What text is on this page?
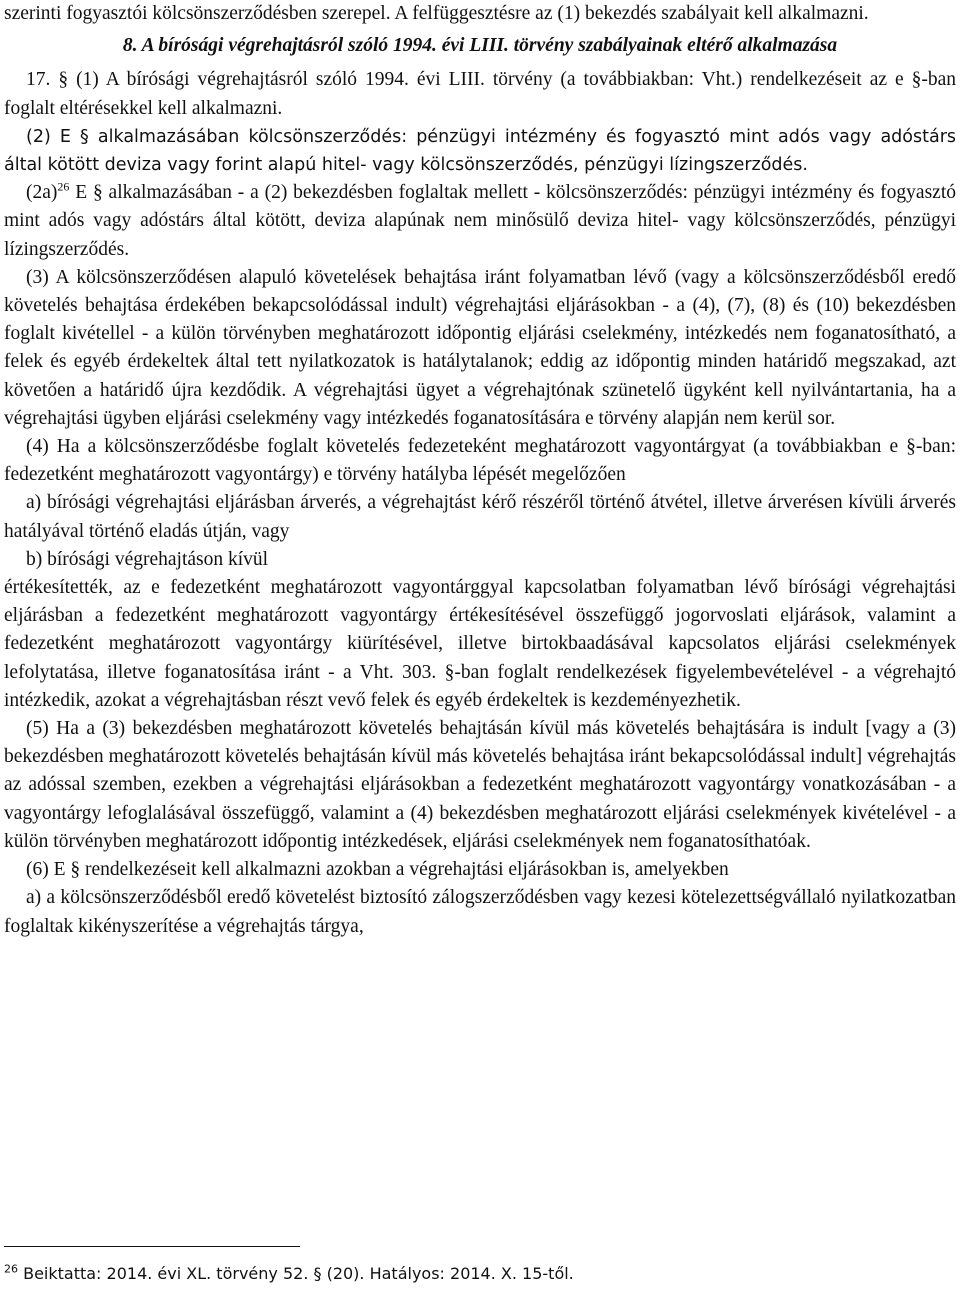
szerinti fogyasztói kölcsönszerződésben szerepel. A felfüggesztésre az (1) bekezdés szabályait kell alkalmazni.

8. A bírósági végrehajtásról szóló 1994. évi LIII. törvény szabályainak eltérő alkalmazása

17. § (1) A bírósági végrehajtásról szóló 1994. évi LIII. törvény (a továbbiakban: Vht.) rendelkezéseit az e §-ban foglalt eltérésekkel kell alkalmazni.

(2) E § alkalmazásában kölcsönszerződés: pénzügyi intézmény és fogyasztó mint adós vagy adóstárs által kötött deviza vagy forint alapú hitel- vagy kölcsönszerződés, pénzügyi lízingszerződés.

$(2a)^{26}$ E § alkalmazásában - a (2) bekezdésben foglaltak mellett - kölcsönszerződés: pénzügyi intézmény és fogyasztó mint adós vagy adóstárs által kötött, deviza alapúnak nem minősülő deviza hitel- vagy kölcsönszerződés, pénzügyi lízingszerződés.

(3) A kölcsönszerződésen alapuló követelések behajtása iránt folyamatban lévő (vagy a kölcsönszerződésből eredő követelés behajtása érdekében bekapcsolódással indult) végrehajtási eljárásokban - a (4), (7), (8) és (10) bekezdésben foglalt kivétellel - a külön törvényben meghatározott időpontig eljárási cselekmény, intézkedés nem foganatosítható, a felek és egyéb érdekeltek által tett nyilatkozatok is hatálytalanok; eddig az időpontig minden határidő megszakad, azt követően a határidő újra kezdődik. A végrehajtási ügyet a végrehajtónak szünetelő ügyként kell nyilvántartania, ha a végrehajtási ügyben eljárási cselekmény vagy intézkedés foganatosítására e törvény alapján nem kerül sor.

(4) Ha a kölcsönszerződésbe foglalt követelés fedezeteként meghatározott vagyontárgyat (a továbbiakban e §-ban: fedezetként meghatározott vagyontárgy) e törvény hatályba lépését megelőzően

a) bírósági végrehajtási eljárásban árverés, a végrehajtást kérő részéről történő átvétel, illetve árverésen kívüli árverés hatályával történő eladás útján, vagy

b) bírósági végrehajtáson kívül

értékesítették, az e fedezetként meghatározott vagyontárggyal kapcsolatban folyamatban lévő bírósági végrehajtási eljárásban a fedezetként meghatározott vagyontárgy értékesítésével összefüggő jogorvoslati eljárások, valamint a fedezetként meghatározott vagyontárgy kiürítésével, illetve birtokbaadásával kapcsolatos eljárási cselekmények lefolytatása, illetve foganatosítása iránt - a Vht. 303. §-ban foglalt rendelkezések figyelembevételével - a végrehajtó intézkedik, azokat a végrehajtásban részt vevő felek és egyéb érdekeltek is kezdeményezhetik.

(5) Ha a (3) bekezdésben meghatározott követelés behajtásán kívül más követelés behajtására is indult [vagy a (3) bekezdésben meghatározott követelés behajtásán kívül más követelés behajtása iránt bekapcsolódással indult] végrehajtás az adóssal szemben, ezekben a végrehajtási eljárásokban a fedezetként meghatározott vagyontárgy vonatkozásában - a vagyontárgy lefoglalásával összefüggő, valamint a (4) bekezdésben meghatározott eljárási cselekmények kivételével - a külön törvényben meghatározott időpontig intézkedések, eljárási cselekmények nem foganatosíthatóak.

(6) E § rendelkezéseit kell alkalmazni azokban a végrehajtási eljárásokban is, amelyekben

a) a kölcsönszerződésből eredő követelést biztosító zálogszerződésben vagy kezesi kötelezettségvállaló nyilatkozatban foglaltak kikényszerítése a végrehajtás tárgya,

$^{26}$ Beiktatta: 2014. évi XL. törvény 52. § (20). Hatályos: 2014. X. 15-től.
